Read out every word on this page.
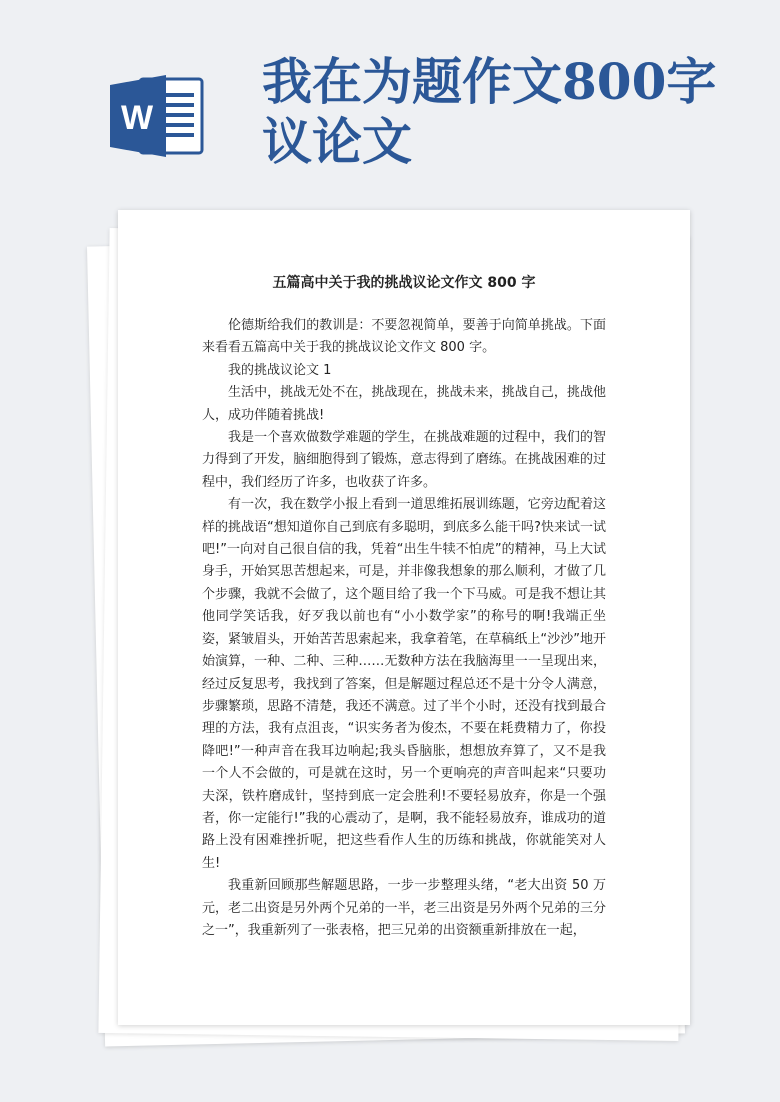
W
我在为题作文800字议论文
五篇高中关于我的挑战议论文作文 800 字

伦德斯给我们的教训是：不要忽视简单，要善于向简单挑战。下面来看看五篇高中关于我的挑战议论文作文 800 字。

我的挑战议论文 1

生活中，挑战无处不在，挑战现在，挑战未来，挑战自己，挑战他人，成功伴随着挑战!

我是一个喜欢做数学难题的学生，在挑战难题的过程中，我们的智力得到了开发，脑细胞得到了锻炼，意志得到了磨练。在挑战困难的过程中，我们经历了许多，也收获了许多。

有一次，我在数学小报上看到一道思维拓展训练题，它旁边配着这样的挑战语“想知道你自己到底有多聪明，到底多么能干吗?快来试一试吧!”一向对自己很自信的我，凭着“出生牛犊不怕虎”的精神，马上大试身手，开始冥思苦想起来，可是，并非像我想象的那么顺利，才做了几个步骤，我就不会做了，这个题目给了我一个下马威。可是我不想让其他同学笑话我，好歹我以前也有“小小数学家”的称号的啊!我端正坐姿，紧皱眉头，开始苦苦思索起来，我拿着笔，在草稿纸上“沙沙”地开始演算，一种、二种、三种……无数种方法在我脑海里一一呈现出来，经过反复思考，我找到了答案，但是解题过程总还不是十分令人满意，步骤繁琐，思路不清楚，我还不满意。过了半个小时，还没有找到最合理的方法，我有点沮丧，“识实务者为俊杰，不要在耗费精力了，你投降吧!”一种声音在我耳边响起;我头昏脑胀，想想放弃算了，又不是我一个人不会做的，可是就在这时，另一个更响亮的声音叫起来“只要功夫深，铁杵磨成针，坚持到底一定会胜利!不要轻易放弃，你是一个强者，你一定能行!”我的心震动了，是啊，我不能轻易放弃，谁成功的道路上没有困难挫折呢，把这些看作人生的历练和挑战，你就能笑对人生!

我重新回顾那些解题思路，一步一步整理头绪，“老大出资 50 万元，老二出资是另外两个兄弟的一半，老三出资是另外两个兄弟的三分之一”，我重新列了一张表格，把三兄弟的出资额重新排放在一起，
